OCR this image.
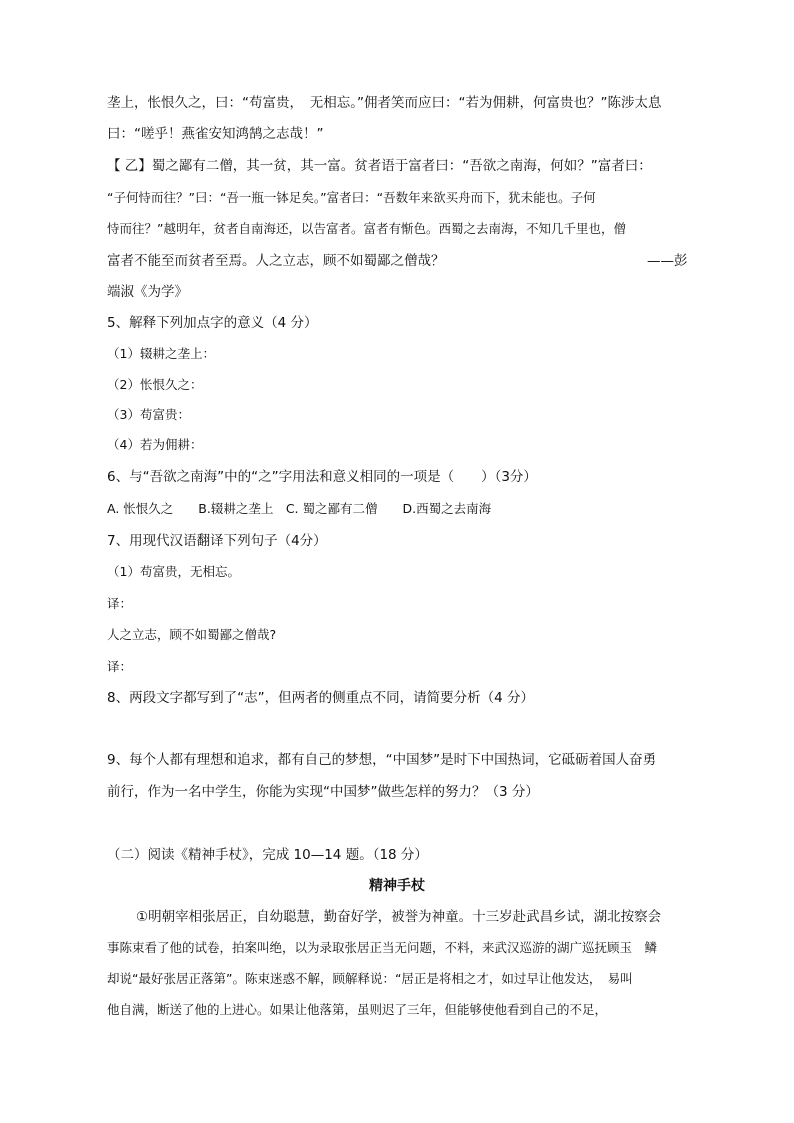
垄上，怅恨久之，曰：“苟富贵，　无相忘。”佣者笑而应曰：“若为佣耕，何富贵也？”陈涉太息
曰：“嗟乎！燕雀安知鸿鹄之志哉！”
【 乙】蜀之鄙有二僧，其一贫，其一富。贫者语于富者曰：“吾欲之南海，何如？”富者曰：
“子何恃而往？”曰：“吾一瓶一钵足矣。”富者曰：“吾数年来欲买舟而下，犹未能也。子何
恃而往？”越明年，贫者自南海还，以告富者。富者有惭色。西蜀之去南海，不知几千里也，僧
富者不能至而贫者至焉。人之立志，顾不如蜀鄙之僧哉？	——彭
端淑《为学》
5、解释下列加点字的意义（4 分）
（1）辍耕之垄上：
（2）怅恨久之：
（3）苟富贵：
（4）若为佣耕：
6、与“吾欲之南海”中的“之”字用法和意义相同的一项是（　　）（3分）
A. 怅恨久之　　B.辍耕之垄上　C. 蜀之鄙有二僧　　D.西蜀之去南海
7、用现代汉语翻译下列句子（4分）
（1）苟富贵，无相忘。
译：
人之立志，顾不如蜀鄙之僧哉?
译：
8、两段文字都写到了“志”，但两者的侧重点不同，请简要分析（4 分）
9、每个人都有理想和追求，都有自己的梦想，“中国梦”是时下中国热词，它砥砺着国人奋勇
前行，作为一名中学生，你能为实现“中国梦”做些怎样的努力？（3 分）
（二）阅读《精神手杖》，完成 10—14 题。（18 分）
精神手杖
①明朝宰相张居正，自幼聪慧，勤奋好学，被誉为神童。十三岁赴武昌乡试，湖北按察会
事陈束看了他的试卷，拍案叫绝，以为录取张居正当无问题，不料，来武汉巡游的湖广巡抚顾玉　鳞
却说“最好张居正落第”。陈束迷惑不解，顾解释说：“居正是将相之才，如过早让他发达，　易叫
他自满，断送了他的上进心。如果让他落第，虽则迟了三年，但能够使他看到自己的不足，
